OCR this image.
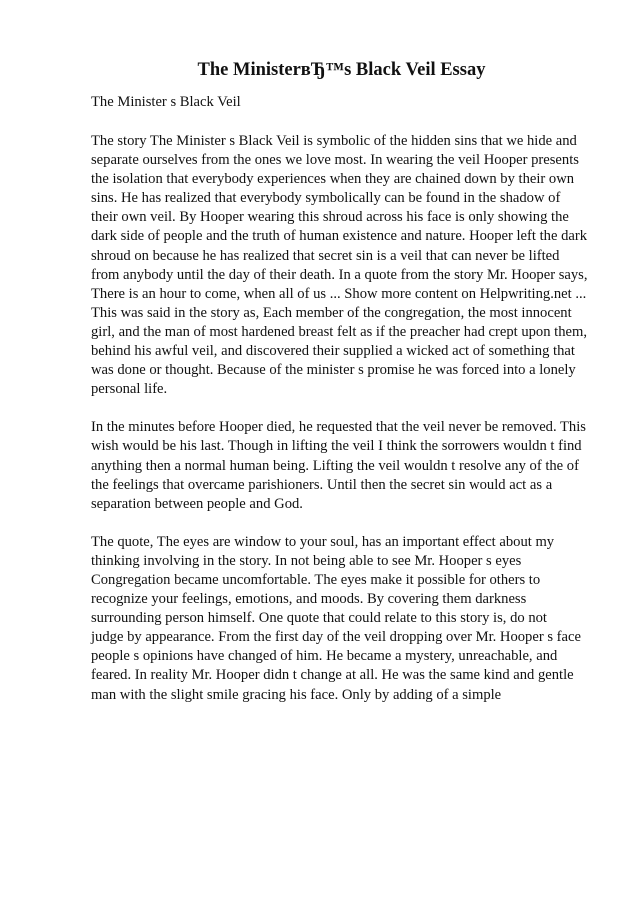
The MinisterвЂ™s Black Veil Essay
The Minister s Black Veil
The story The Minister s Black Veil is symbolic of the hidden sins that we hide and
separate ourselves from the ones we love most. In wearing the veil Hooper presents
the isolation that everybody experiences when they are chained down by their own
sins. He has realized that everybody symbolically can be found in the shadow of
their own veil. By Hooper wearing this shroud across his face is only showing the
dark side of people and the truth of human existence and nature. Hooper left the dark
shroud on because he has realized that secret sin is a veil that can never be lifted
from anybody until the day of their death. In a quote from the story Mr. Hooper says,
There is an hour to come, when all of us ... Show more content on Helpwriting.net ...
This was said in the story as, Each member of the congregation, the most innocent
girl, and the man of most hardened breast felt as if the preacher had crept upon them,
behind his awful veil, and discovered their supplied a wicked act of something that
was done or thought. Because of the minister s promise he was forced into a lonely
personal life.
In the minutes before Hooper died, he requested that the veil never be removed. This
wish would be his last. Though in lifting the veil I think the sorrowers wouldn t find
anything then a normal human being. Lifting the veil wouldn t resolve any of the of
the feelings that overcame parishioners. Until then the secret sin would act as a
separation between people and God.
The quote, The eyes are window to your soul, has an important effect about my
thinking involving in the story. In not being able to see Mr. Hooper s eyes
Congregation became uncomfortable. The eyes make it possible for others to
recognize your feelings, emotions, and moods. By covering them darkness
surrounding person himself. One quote that could relate to this story is, do not
judge by appearance. From the first day of the veil dropping over Mr. Hooper s face
people s opinions have changed of him. He became a mystery, unreachable, and
feared. In reality Mr. Hooper didn t change at all. He was the same kind and gentle
man with the slight smile gracing his face. Only by adding of a simple
